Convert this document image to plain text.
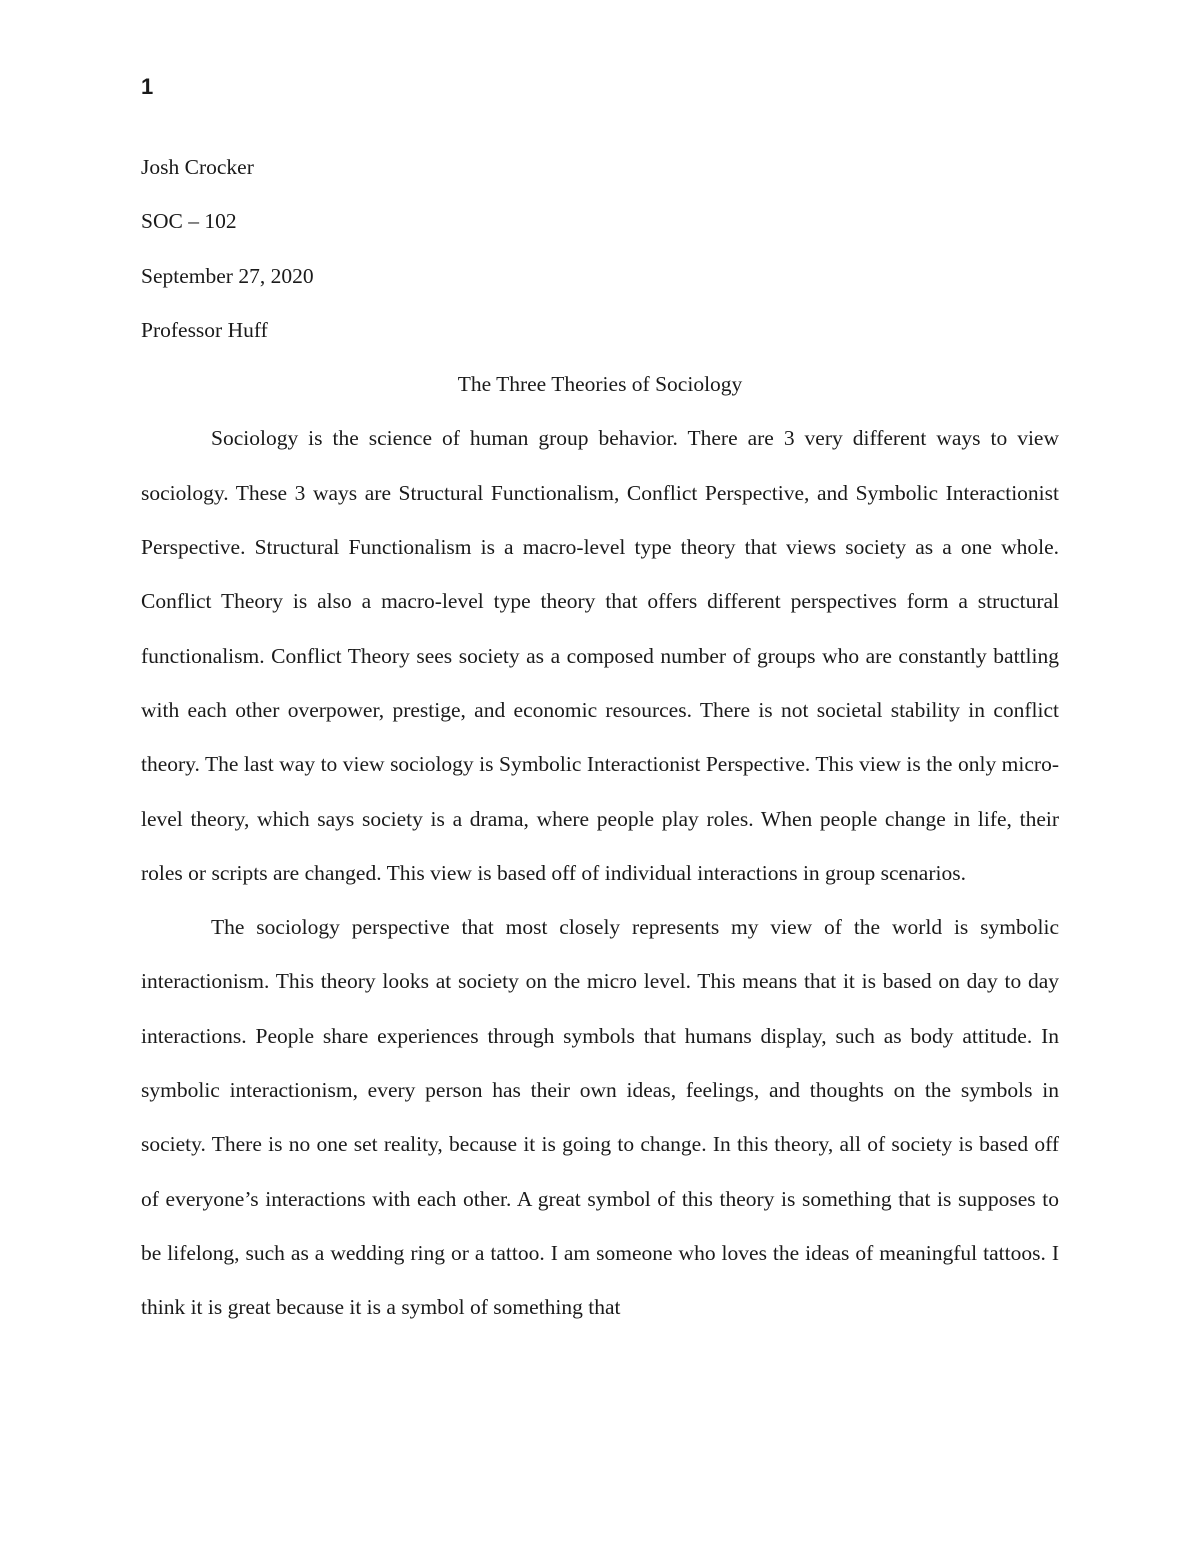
1

Josh Crocker

SOC – 102

September 27, 2020

Professor Huff

The Three Theories of Sociology

Sociology is the science of human group behavior. There are 3 very different ways to view sociology. These 3 ways are Structural Functionalism, Conflict Perspective, and Symbolic Interactionist Perspective. Structural Functionalism is a macro-level type theory that views society as a one whole. Conflict Theory is also a macro-level type theory that offers different perspectives form a structural functionalism. Conflict Theory sees society as a composed number of groups who are constantly battling with each other overpower, prestige, and economic resources. There is not societal stability in conflict theory. The last way to view sociology is Symbolic Interactionist Perspective. This view is the only micro-level theory, which says society is a drama, where people play roles. When people change in life, their roles or scripts are changed. This view is based off of individual interactions in group scenarios.

The sociology perspective that most closely represents my view of the world is symbolic interactionism. This theory looks at society on the micro level. This means that it is based on day to day interactions. People share experiences through symbols that humans display, such as body attitude. In symbolic interactionism, every person has their own ideas, feelings, and thoughts on the symbols in society. There is no one set reality, because it is going to change. In this theory, all of society is based off of everyone’s interactions with each other. A great symbol of this theory is something that is supposes to be lifelong, such as a wedding ring or a tattoo. I am someone who loves the ideas of meaningful tattoos. I think it is great because it is a symbol of something that
